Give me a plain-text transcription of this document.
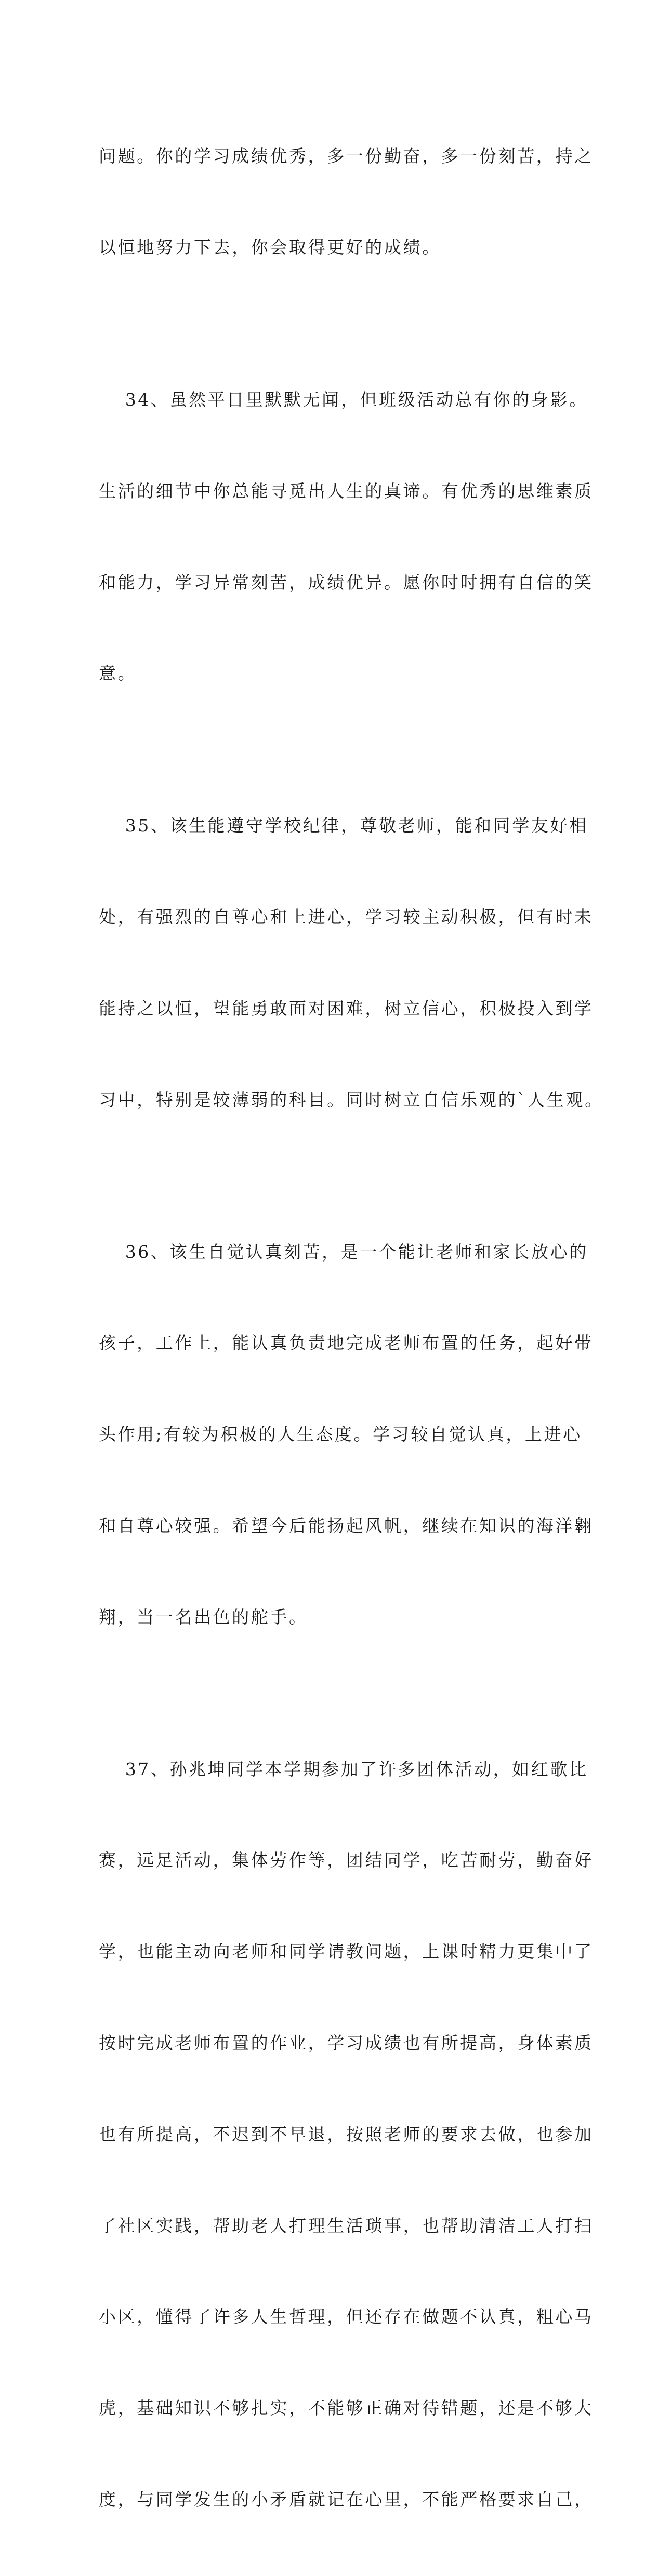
问题。你的学习成绩优秀，多一份勤奋，多一份刻苦，持之

以恒地努力下去，你会取得更好的成绩。

　 34、虽然平日里默默无闻，但班级活动总有你的身影。

生活的细节中你总能寻觅出人生的真谛。有优秀的思维素质

和能力，学习异常刻苦，成绩优异。愿你时时拥有自信的笑

意。

　 35、该生能遵守学校纪律，尊敬老师，能和同学友好相

处，有强烈的自尊心和上进心，学习较主动积极，但有时未

能持之以恒，望能勇敢面对困难，树立信心，积极投入到学

习中，特别是较薄弱的科目。同时树立自信乐观的`人生观。

　 36、该生自觉认真刻苦，是一个能让老师和家长放心的

孩子，工作上，能认真负责地完成老师布置的任务，起好带

头作用;有较为积极的人生态度。学习较自觉认真，上进心

和自尊心较强。希望今后能扬起风帆，继续在知识的海洋翱

翔，当一名出色的舵手。

　 37、孙兆坤同学本学期参加了许多团体活动，如红歌比

赛，远足活动，集体劳作等，团结同学，吃苦耐劳，勤奋好

学，也能主动向老师和同学请教问题，上课时精力更集中了

按时完成老师布置的作业，学习成绩也有所提高，身体素质

也有所提高，不迟到不早退，按照老师的要求去做，也参加

了社区实践，帮助老人打理生活琐事，也帮助清洁工人打扫

小区，懂得了许多人生哲理，但还存在做题不认真，粗心马

虎，基础知识不够扎实，不能够正确对待错题，还是不够大

度，与同学发生的小矛盾就记在心里，不能严格要求自己，
